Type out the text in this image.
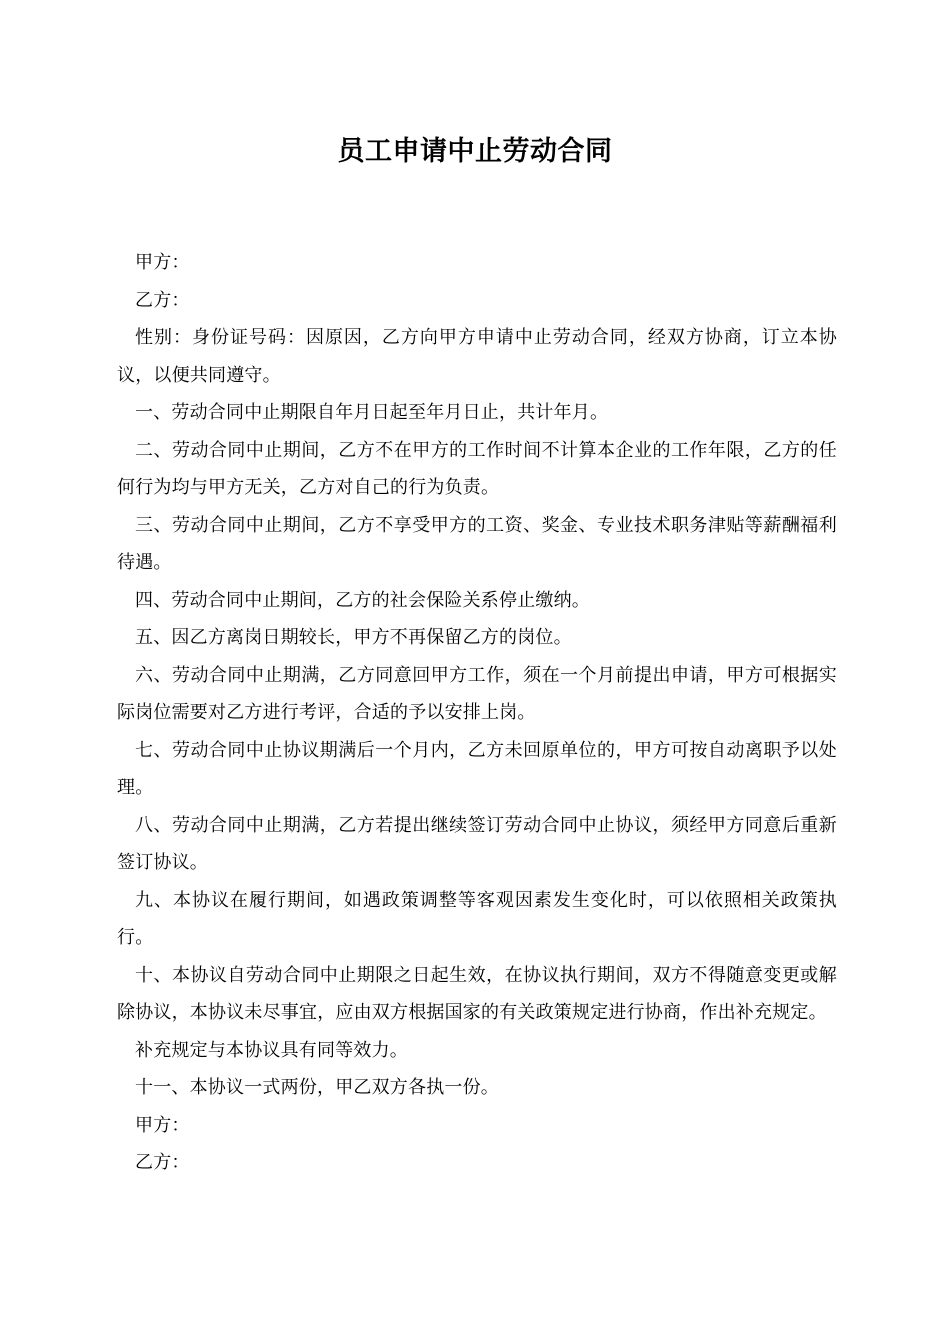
员工申请中止劳动合同

甲方：

乙方：

性别：身份证号码：因原因，乙方向甲方申请中止劳动合同，经双方协商，订立本协议，以便共同遵守。

一、劳动合同中止期限自年月日起至年月日止，共计年月。

二、劳动合同中止期间，乙方不在甲方的工作时间不计算本企业的工作年限，乙方的任何行为均与甲方无关，乙方对自己的行为负责。

三、劳动合同中止期间，乙方不享受甲方的工资、奖金、专业技术职务津贴等薪酬福利待遇。

四、劳动合同中止期间，乙方的社会保险关系停止缴纳。

五、因乙方离岗日期较长，甲方不再保留乙方的岗位。

六、劳动合同中止期满，乙方同意回甲方工作，须在一个月前提出申请，甲方可根据实际岗位需要对乙方进行考评，合适的予以安排上岗。

七、劳动合同中止协议期满后一个月内，乙方未回原单位的，甲方可按自动离职予以处理。

八、劳动合同中止期满，乙方若提出继续签订劳动合同中止协议，须经甲方同意后重新签订协议。

九、本协议在履行期间，如遇政策调整等客观因素发生变化时，可以依照相关政策执行。

十、本协议自劳动合同中止期限之日起生效，在协议执行期间，双方不得随意变更或解除协议，本协议未尽事宜，应由双方根据国家的有关政策规定进行协商，作出补充规定。

补充规定与本协议具有同等效力。

十一、本协议一式两份，甲乙双方各执一份。

甲方：

乙方：
